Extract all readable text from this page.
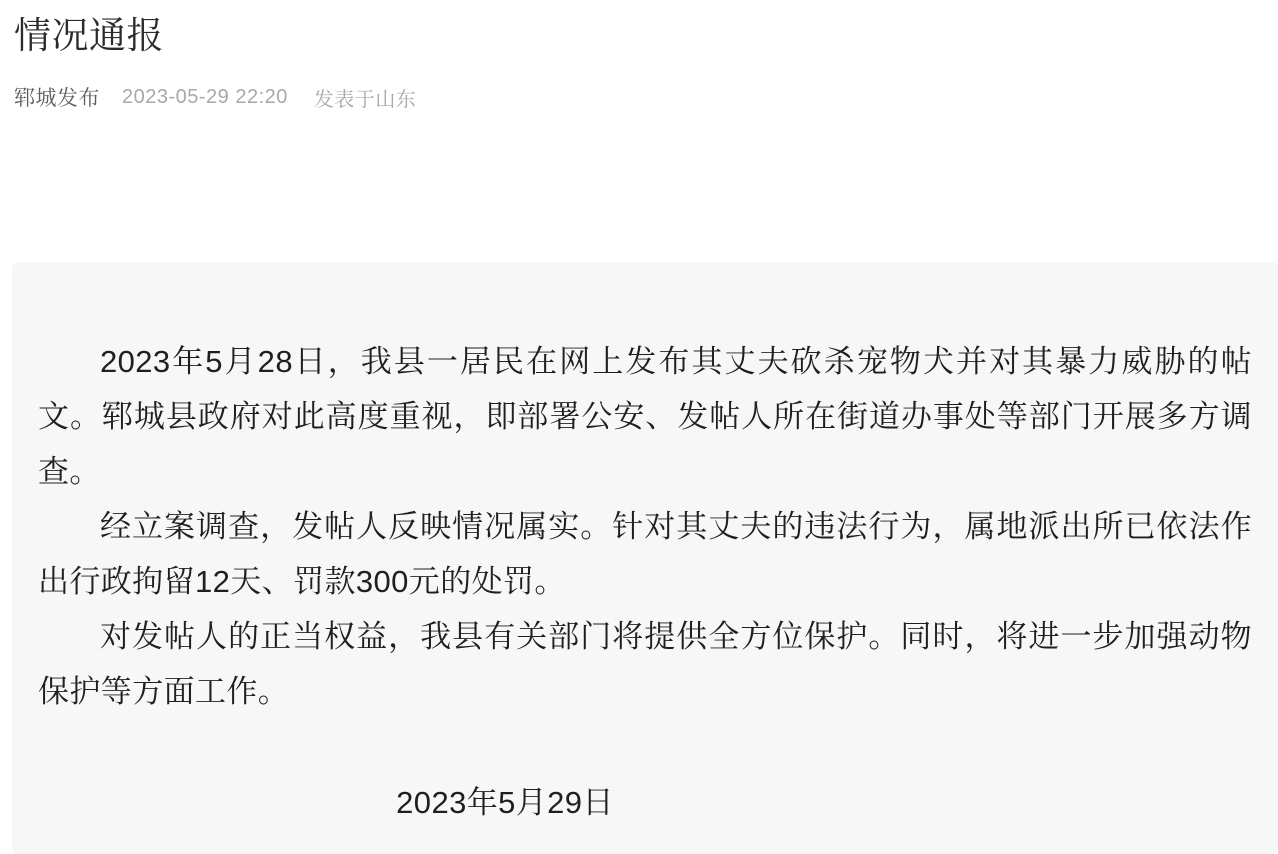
情况通报
郓城发布 2023-05-29 22:20 发表于山东

2023年5月28日，我县一居民在网上发布其丈夫砍杀宠物犬并对其暴力威胁的帖文。郓城县政府对此高度重视，即部署公安、发帖人所在街道办事处等部门开展多方调查。

经立案调查，发帖人反映情况属实。针对其丈夫的违法行为，属地派出所已依法作出行政拘留12天、罚款300元的处罚。

对发帖人的正当权益，我县有关部门将提供全方位保护。同时，将进一步加强动物保护等方面工作。

2023年5月29日
